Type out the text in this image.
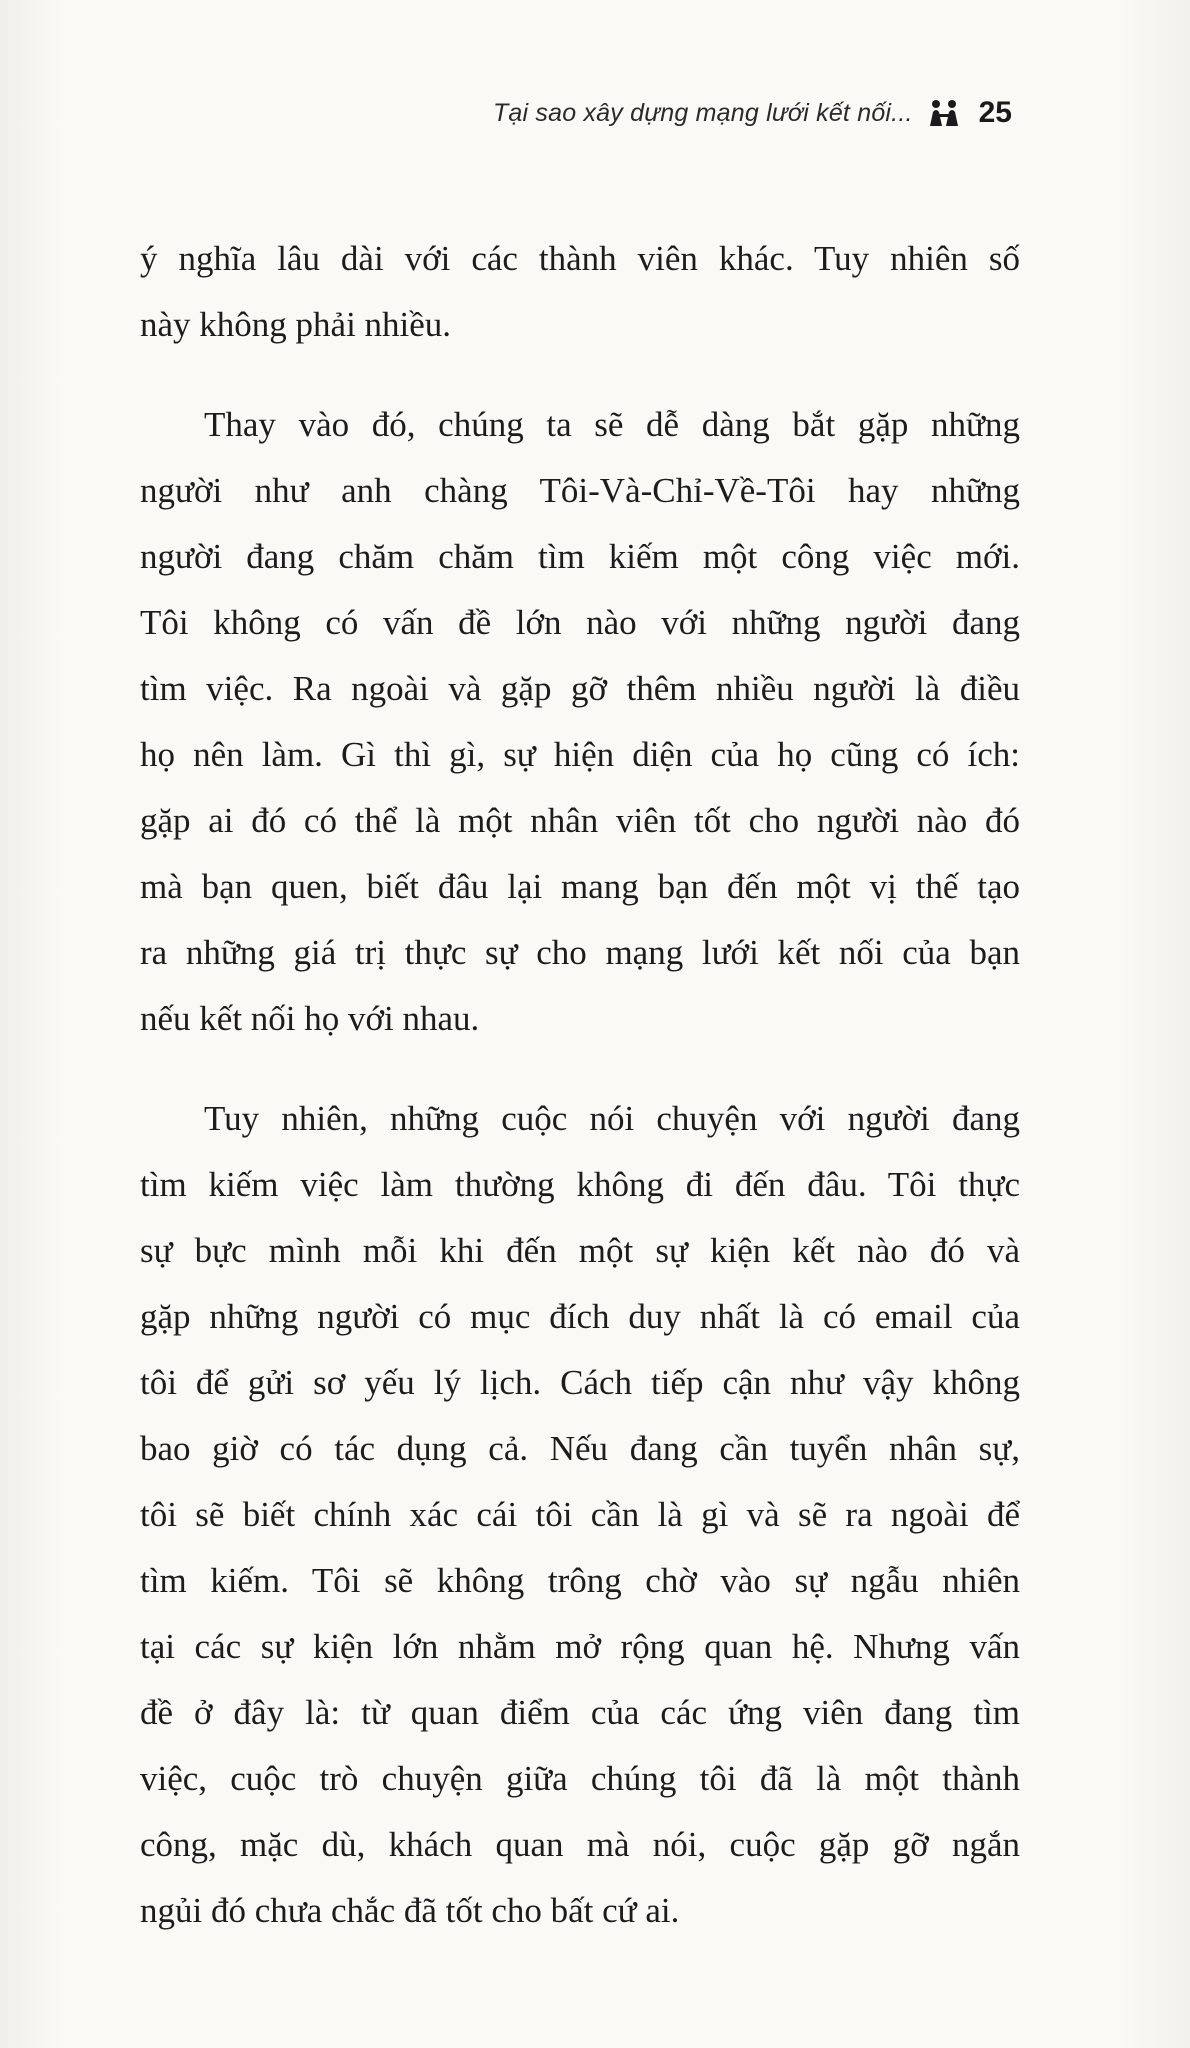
Tại sao xây dựng mạng lưới kết nối... 25
ý nghĩa lâu dài với các thành viên khác. Tuy nhiên số
này không phải nhiều.
Thay vào đó, chúng ta sẽ dễ dàng bắt gặp những
người như anh chàng Tôi-Và-Chỉ-Về-Tôi hay những
người đang chăm chăm tìm kiếm một công việc mới.
Tôi không có vấn đề lớn nào với những người đang
tìm việc. Ra ngoài và gặp gỡ thêm nhiều người là điều
họ nên làm. Gì thì gì, sự hiện diện của họ cũng có ích:
gặp ai đó có thể là một nhân viên tốt cho người nào đó
mà bạn quen, biết đâu lại mang bạn đến một vị thế tạo
ra những giá trị thực sự cho mạng lưới kết nối của bạn
nếu kết nối họ với nhau.
Tuy nhiên, những cuộc nói chuyện với người đang
tìm kiếm việc làm thường không đi đến đâu. Tôi thực
sự bực mình mỗi khi đến một sự kiện kết nào đó và
gặp những người có mục đích duy nhất là có email của
tôi để gửi sơ yếu lý lịch. Cách tiếp cận như vậy không
bao giờ có tác dụng cả. Nếu đang cần tuyển nhân sự,
tôi sẽ biết chính xác cái tôi cần là gì và sẽ ra ngoài để
tìm kiếm. Tôi sẽ không trông chờ vào sự ngẫu nhiên
tại các sự kiện lớn nhằm mở rộng quan hệ. Nhưng vấn
đề ở đây là: từ quan điểm của các ứng viên đang tìm
việc, cuộc trò chuyện giữa chúng tôi đã là một thành
công, mặc dù, khách quan mà nói, cuộc gặp gỡ ngắn
ngủi đó chưa chắc đã tốt cho bất cứ ai.
